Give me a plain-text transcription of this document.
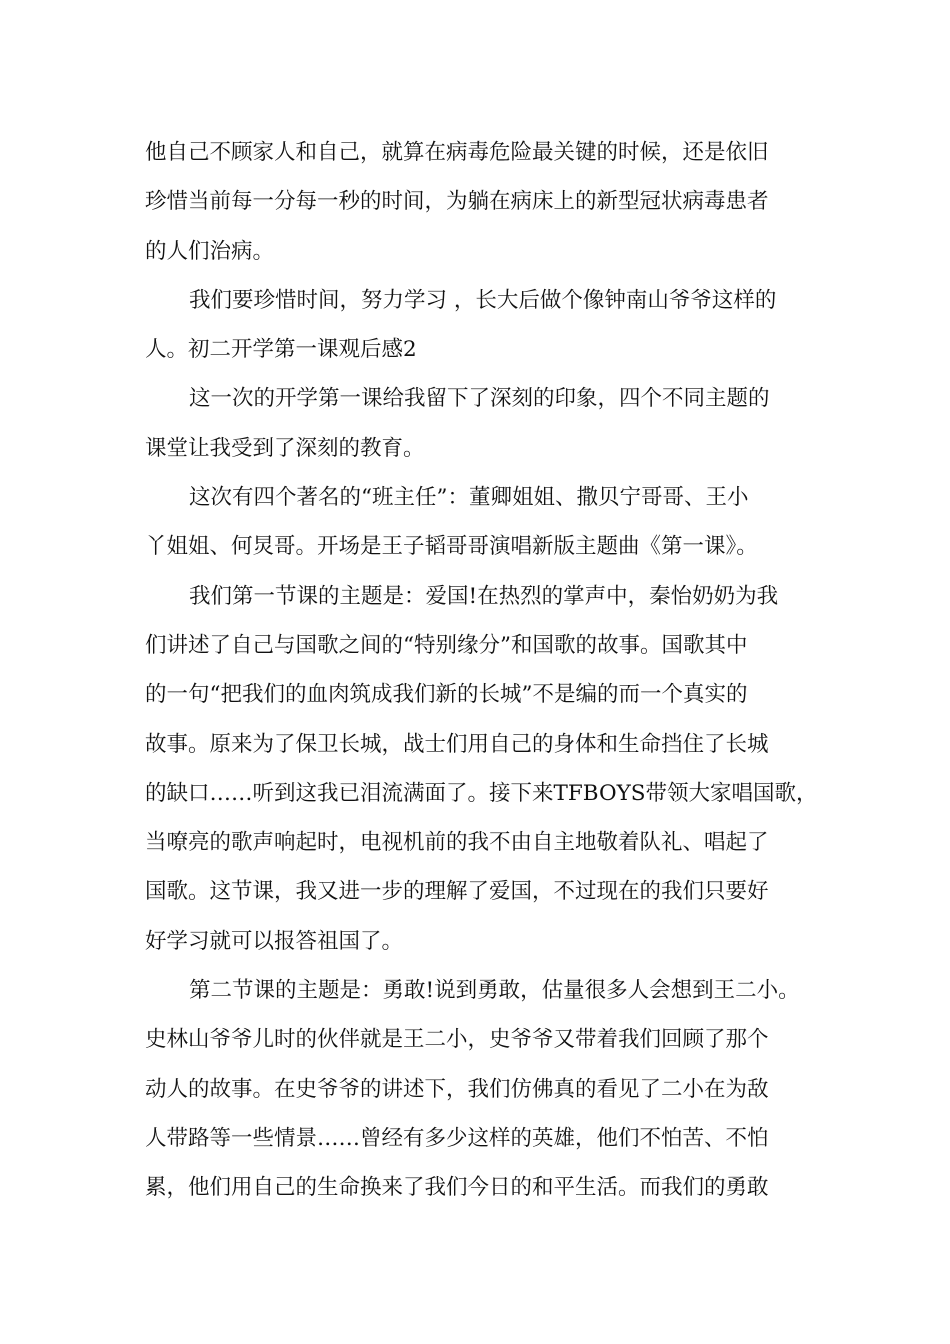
他自己不顾家人和自己，就算在病毒危险最关键的时候，还是依旧
珍惜当前每一分每一秒的时间，为躺在病床上的新型冠状病毒患者
的人们治病。
我们要珍惜时间，努力学习 ，长大后做个像钟南山爷爷这样的
人。初二开学第一课观后感2
这一次的开学第一课给我留下了深刻的印象，四个不同主题的
课堂让我受到了深刻的教育。
这次有四个著名的“班主任”：董卿姐姐、撒贝宁哥哥、王小
丫姐姐、何炅哥。开场是王子韬哥哥演唱新版主题曲《第一课》。
我们第一节课的主题是：爱国!在热烈的掌声中，秦怡奶奶为我
们讲述了自己与国歌之间的“特别缘分”和国歌的故事。国歌其中
的一句“把我们的血肉筑成我们新的长城”不是编的而一个真实的
故事。原来为了保卫长城，战士们用自己的身体和生命挡住了长城
的缺口……听到这我已泪流满面了。接下来TFBOYS带领大家唱国歌，
当嘹亮的歌声响起时，电视机前的我不由自主地敬着队礼、唱起了
国歌。这节课，我又进一步的理解了爱国，不过现在的我们只要好
好学习就可以报答祖国了。
第二节课的主题是：勇敢!说到勇敢，估量很多人会想到王二小。
史林山爷爷儿时的伙伴就是王二小，史爷爷又带着我们回顾了那个
动人的故事。在史爷爷的讲述下，我们仿佛真的看见了二小在为敌
人带路等一些情景……曾经有多少这样的英雄，他们不怕苦、不怕
累，他们用自己的生命换来了我们今日的和平生活。而我们的勇敢
